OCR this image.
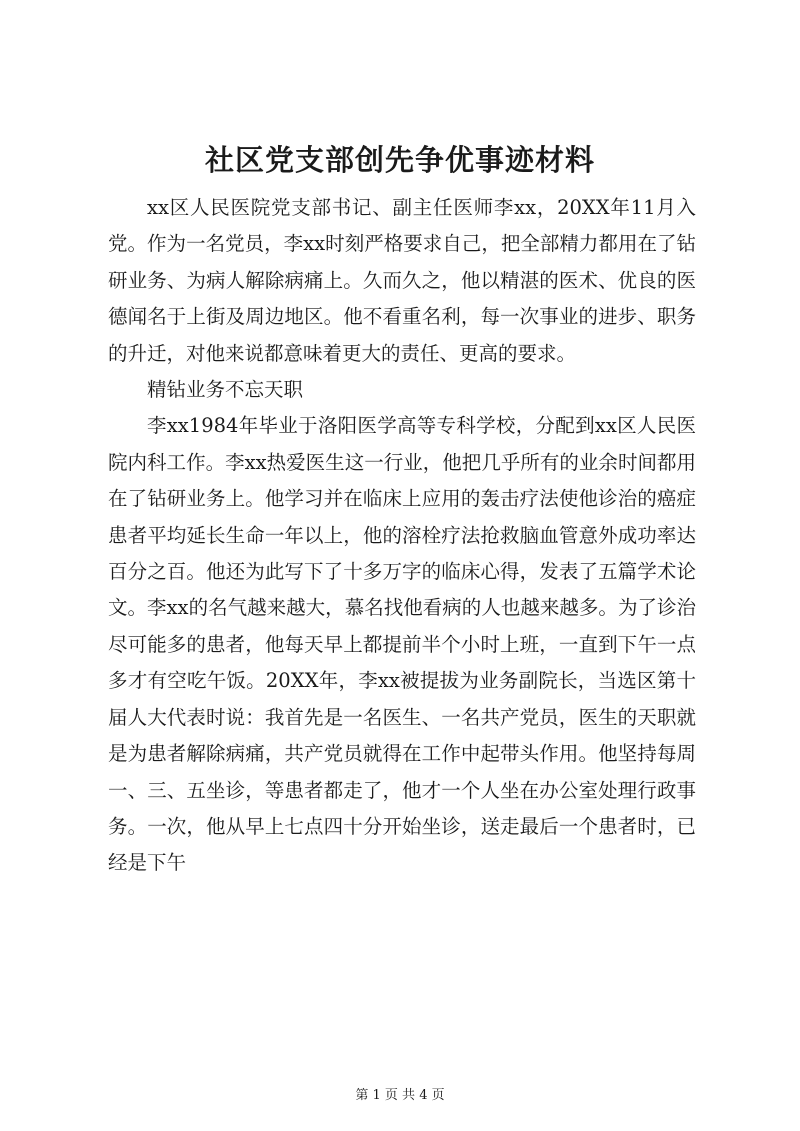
社区党支部创先争优事迹材料

xx区人民医院党支部书记、副主任医师李xx，20XX年11月入党。作为一名党员，李xx时刻严格要求自己，把全部精力都用在了钻研业务、为病人解除病痛上。久而久之，他以精湛的医术、优良的医德闻名于上街及周边地区。他不看重名利，每一次事业的进步、职务的升迁，对他来说都意味着更大的责任、更高的要求。

精钻业务不忘天职

李xx1984年毕业于洛阳医学高等专科学校，分配到xx区人民医院内科工作。李xx热爱医生这一行业，他把几乎所有的业余时间都用在了钻研业务上。他学习并在临床上应用的轰击疗法使他诊治的癌症患者平均延长生命一年以上，他的溶栓疗法抢救脑血管意外成功率达百分之百。他还为此写下了十多万字的临床心得，发表了五篇学术论文。李xx的名气越来越大，慕名找他看病的人也越来越多。为了诊治尽可能多的患者，他每天早上都提前半个小时上班，一直到下午一点多才有空吃午饭。20XX年，李xx被提拔为业务副院长，当选区第十届人大代表时说：我首先是一名医生、一名共产党员，医生的天职就是为患者解除病痛，共产党员就得在工作中起带头作用。他坚持每周一、三、五坐诊，等患者都走了，他才一个人坐在办公室处理行政事务。一次，他从早上七点四十分开始坐诊，送走最后一个患者时，已经是下午

第 1 页 共 4 页
